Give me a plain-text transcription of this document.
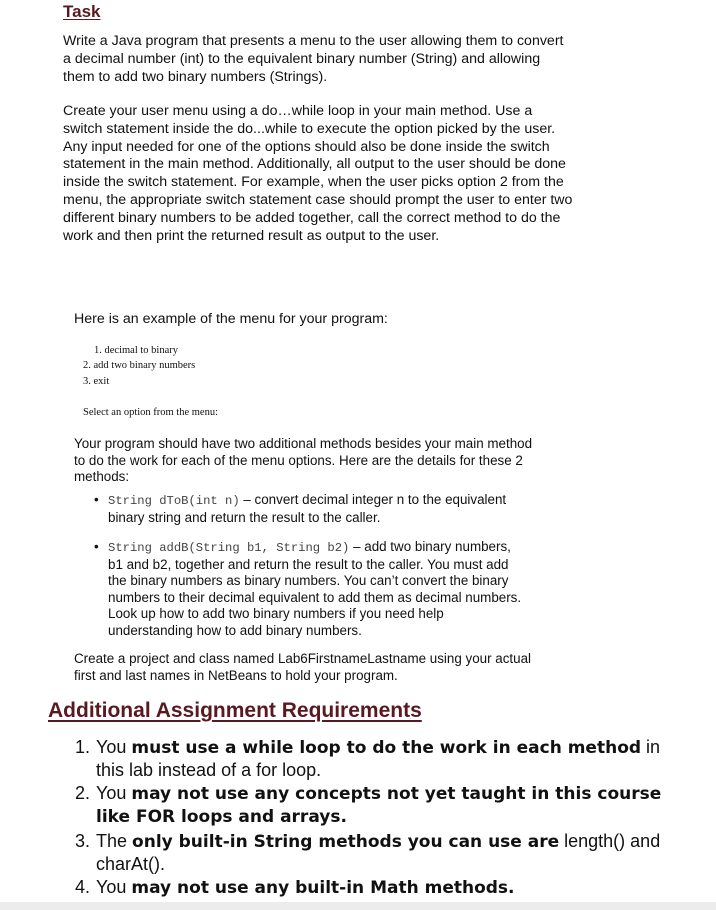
Task

Write a Java program that presents a menu to the user allowing them to convert a decimal number (int) to the equivalent binary number (String) and allowing them to add two binary numbers (Strings).

Create your user menu using a do…while loop in your main method. Use a switch statement inside the do...while to execute the option picked by the user. Any input needed for one of the options should also be done inside the switch statement in the main method. Additionally, all output to the user should be done inside the switch statement. For example, when the user picks option 2 from the menu, the appropriate switch statement case should prompt the user to enter two different binary numbers to be added together, call the correct method to do the work and then print the returned result as output to the user.

Here is an example of the menu for your program:

1. decimal to binary
2. add two binary numbers
3. exit
Select an option from the menu:

Your program should have two additional methods besides your main method to do the work for each of the menu options. Here are the details for these 2 methods:

• String dToB(int n) – convert decimal integer n to the equivalent binary string and return the result to the caller.
• String addB(String b1, String b2) – add two binary numbers, b1 and b2, together and return the result to the caller. You must add the binary numbers as binary numbers. You can’t convert the binary numbers to their decimal equivalent to add them as decimal numbers. Look up how to add two binary numbers if you need help understanding how to add binary numbers.

Create a project and class named Lab6FirstnameLastname using your actual first and last names in NetBeans to hold your program.

Additional Assignment Requirements
1. You must use a while loop to do the work in each method in this lab instead of a for loop.
2. You may not use any concepts not yet taught in this course like FOR loops and arrays.
3. The only built-in String methods you can use are length() and charAt().
4. You may not use any built-in Math methods.
